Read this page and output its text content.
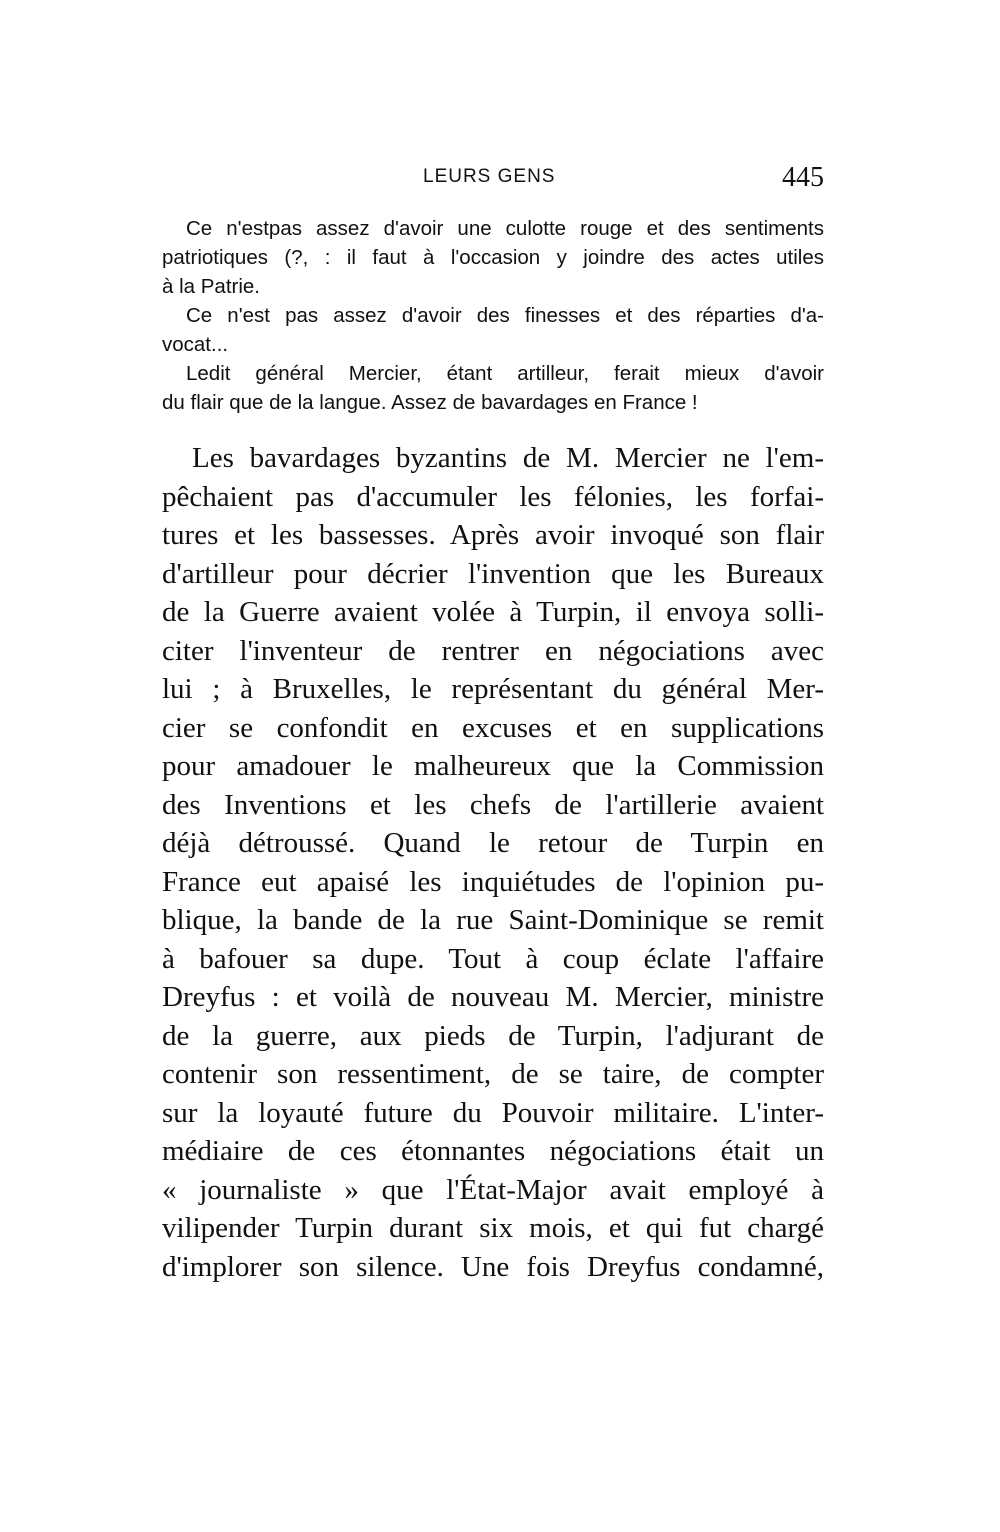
LEURS GENS	445
Ce n'estpas assez d'avoir une culotte rouge et des sentiments
patriotiques (?, : il faut à l'occasion y joindre des actes utiles
à la Patrie.
Ce n'est pas assez d'avoir des finesses et des réparties d'a-
vocat...
Ledit général Mercier, étant artilleur, ferait mieux d'avoir
du flair que de la langue. Assez de bavardages en France !
Les bavardages byzantins de M. Mercier ne l'em-
pêchaient pas d'accumuler les félonies, les forfai-
tures et les bassesses. Après avoir invoqué son flair
d'artilleur pour décrier l'invention que les Bureaux
de la Guerre avaient volée à Turpin, il envoya solli-
citer l'inventeur de rentrer en négociations avec
lui ; à Bruxelles, le représentant du général Mer-
cier se confondit en excuses et en supplications
pour amadouer le malheureux que la Commission
des Inventions et les chefs de l'artillerie avaient
déjà détroussé. Quand le retour de Turpin en
France eut apaisé les inquiétudes de l'opinion pu-
blique, la bande de la rue Saint-Dominique se remit
à bafouer sa dupe. Tout à coup éclate l'affaire
Dreyfus : et voilà de nouveau M. Mercier, ministre
de la guerre, aux pieds de Turpin, l'adjurant de
contenir son ressentiment, de se taire, de compter
sur la loyauté future du Pouvoir militaire. L'inter-
médiaire de ces étonnantes négociations était un
« journaliste » que l'État-Major avait employé à
vilipender Turpin durant six mois, et qui fut chargé
d'implorer son silence. Une fois Dreyfus condamné,
